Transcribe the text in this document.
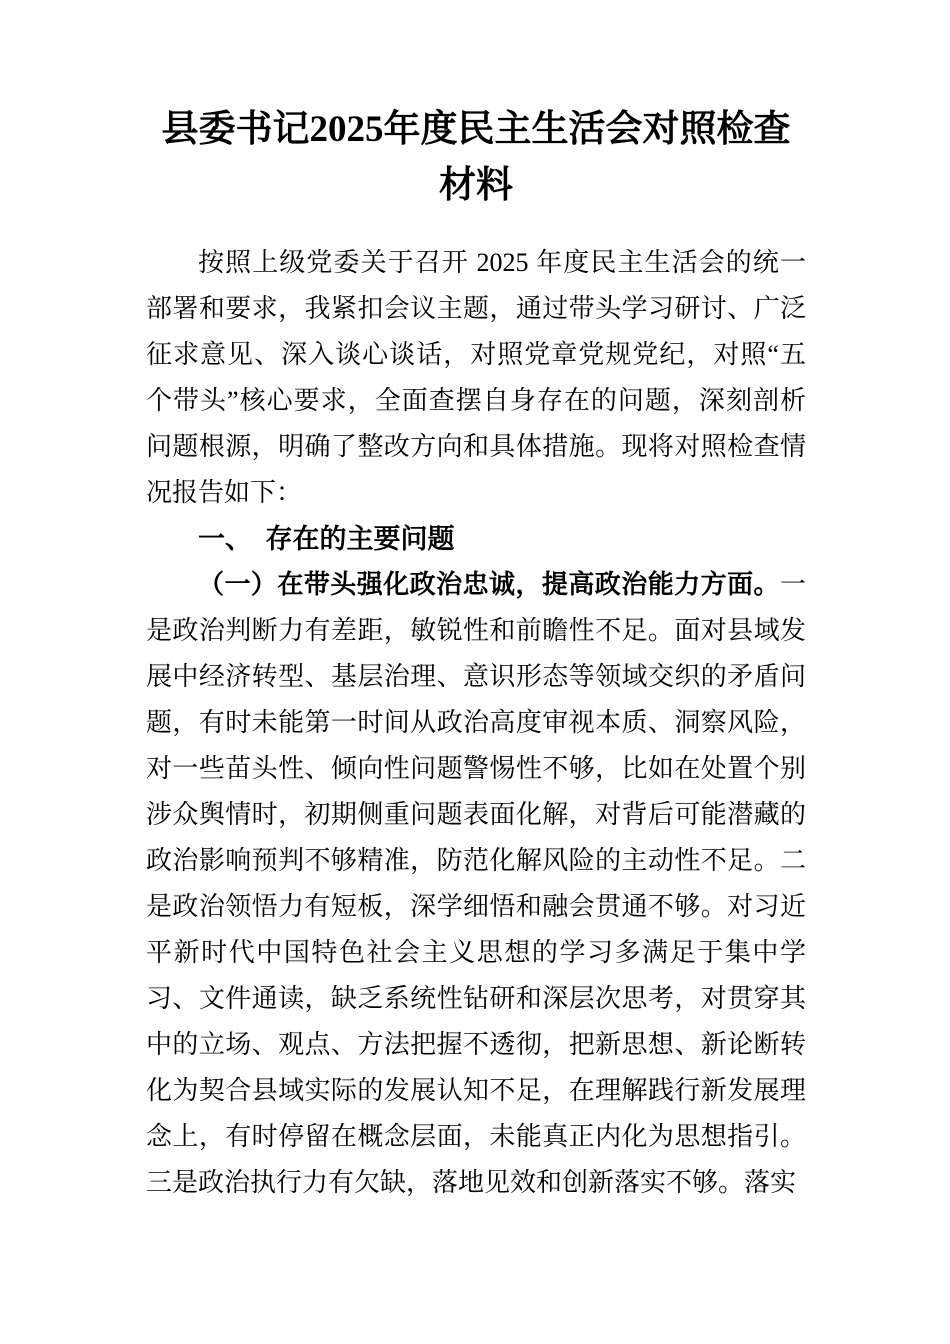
县委书记2025年度民主生活会对照检查材料

按照上级党委关于召开 2025 年度民主生活会的统一部署和要求，我紧扣会议主题，通过带头学习研讨、广泛征求意见、深入谈心谈话，对照党章党规党纪，对照“五个带头”核心要求，全面查摆自身存在的问题，深刻剖析问题根源，明确了整改方向和具体措施。现将对照检查情况报告如下：

一、　存在的主要问题

（一）在带头强化政治忠诚，提高政治能力方面。一是政治判断力有差距，敏锐性和前瞻性不足。面对县域发展中经济转型、基层治理、意识形态等领域交织的矛盾问题，有时未能第一时间从政治高度审视本质、洞察风险，对一些苗头性、倾向性问题警惕性不够，比如在处置个别涉众舆情时，初期侧重问题表面化解，对背后可能潜藏的政治影响预判不够精准，防范化解风险的主动性不足。二是政治领悟力有短板，深学细悟和融会贯通不够。对习近平新时代中国特色社会主义思想的学习多满足于集中学习、文件通读，缺乏系统性钻研和深层次思考，对贯穿其中的立场、观点、方法把握不透彻，把新思想、新论断转化为契合县域实际的发展认知不足，在理解践行新发展理念上，有时停留在概念层面，未能真正内化为思想指引。三是政治执行力有欠缺，落地见效和创新落实不够。落实
